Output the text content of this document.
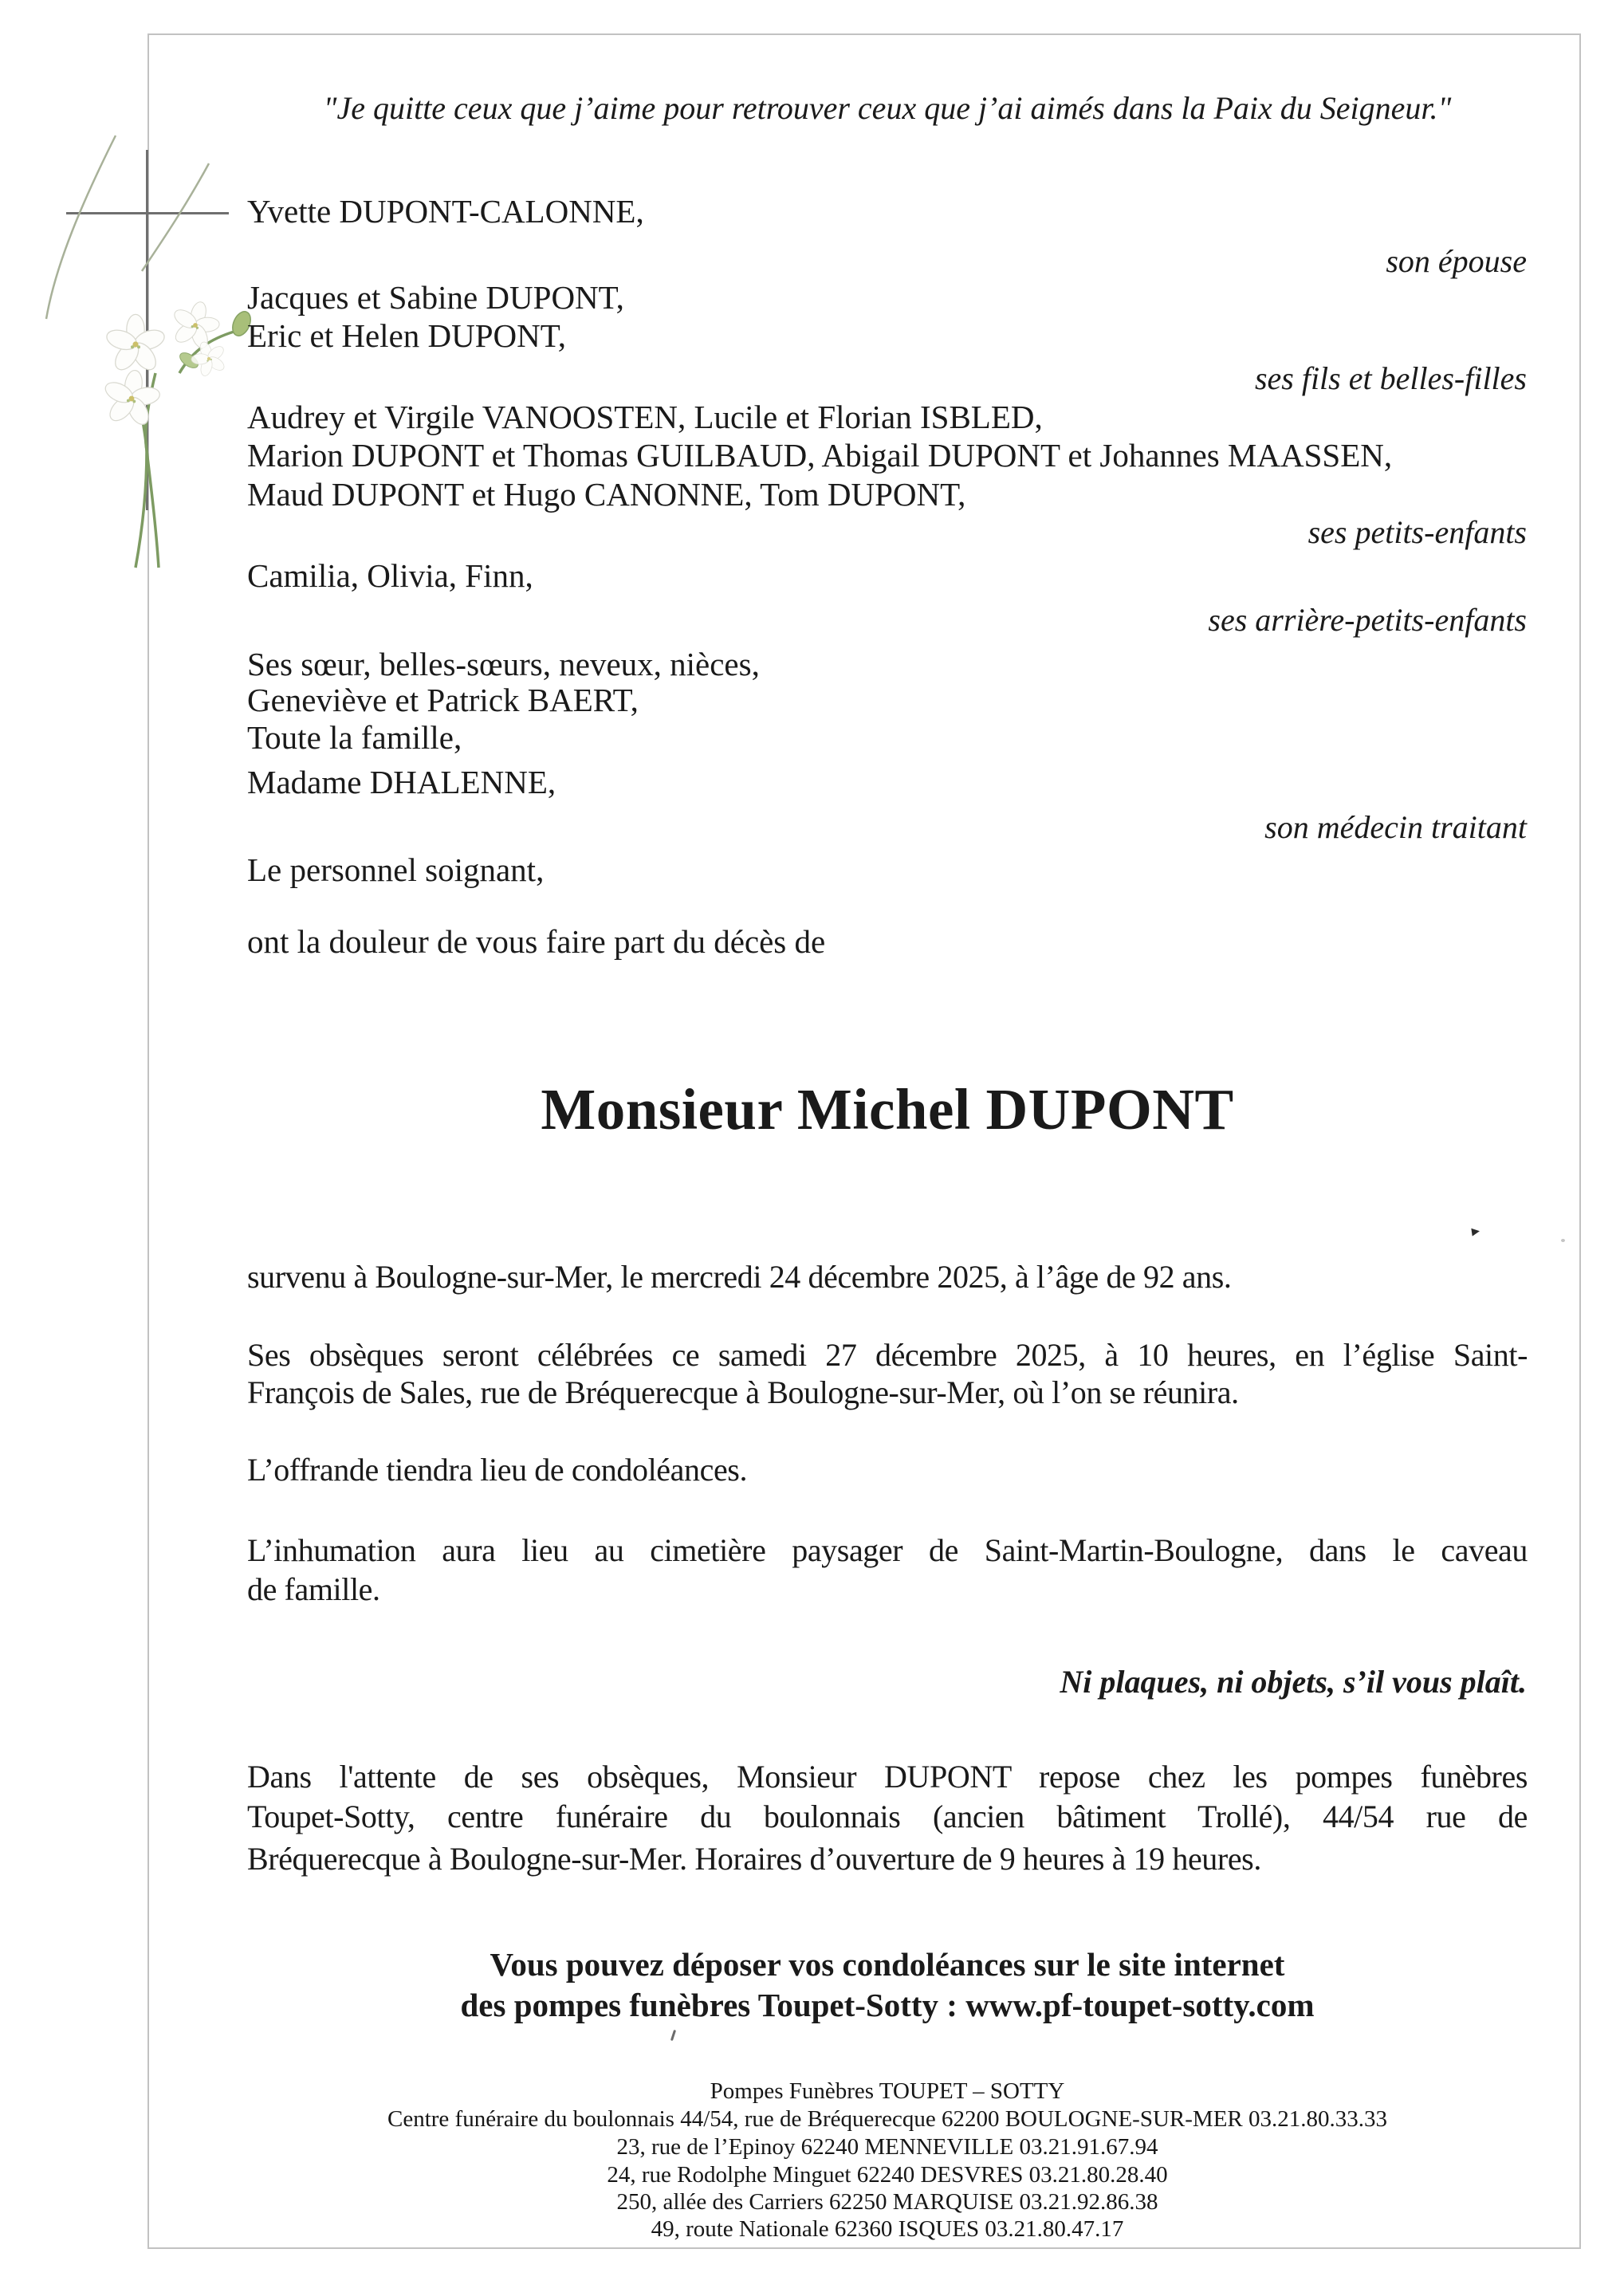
"Je quitte ceux que j’aime pour retrouver ceux que j’ai aimés dans la Paix du Seigneur."
Yvette DUPONT-CALONNE,
son épouse
Jacques et Sabine DUPONT,
Eric et Helen DUPONT,
ses fils et belles-filles
Audrey et Virgile VANOOSTEN, Lucile et Florian ISBLED,
Marion DUPONT et Thomas GUILBAUD, Abigail DUPONT et Johannes MAASSEN,
Maud DUPONT et Hugo CANONNE, Tom DUPONT,
ses petits-enfants
Camilia, Olivia, Finn,
ses arrière-petits-enfants
Ses sœur, belles-sœurs, neveux, nièces,
Geneviève et Patrick BAERT,
Toute la famille,
Madame DHALENNE,
son médecin traitant
Le personnel soignant,
ont la douleur de vous faire part du décès de
Monsieur Michel DUPONT
survenu à Boulogne-sur-Mer, le mercredi 24 décembre 2025, à l’âge de 92 ans.
Ses obsèques seront célébrées ce samedi 27 décembre 2025, à 10 heures, en l’église Saint-
François de Sales, rue de Bréquerecque à Boulogne-sur-Mer, où l’on se réunira.
L’offrande tiendra lieu de condoléances.
L’inhumation aura lieu au cimetière paysager de Saint-Martin-Boulogne, dans le caveau
de famille.
Ni plaques, ni objets, s’il vous plaît.
Dans l'attente de ses obsèques, Monsieur DUPONT repose chez les pompes funèbres
Toupet-Sotty, centre funéraire du boulonnais (ancien bâtiment Trollé), 44/54 rue de
Bréquerecque à Boulogne-sur-Mer. Horaires d’ouverture de 9 heures à 19 heures.
Vous pouvez déposer vos condoléances sur le site internet
des pompes funèbres Toupet-Sotty : www.pf-toupet-sotty.com
Pompes Funèbres TOUPET – SOTTY
Centre funéraire du boulonnais 44/54, rue de Bréquerecque 62200 BOULOGNE-SUR-MER 03.21.80.33.33
23, rue de l’Epinoy 62240 MENNEVILLE 03.21.91.67.94
24, rue Rodolphe Minguet 62240 DESVRES 03.21.80.28.40
250, allée des Carriers 62250 MARQUISE 03.21.92.86.38
49, route Nationale 62360 ISQUES 03.21.80.47.17
